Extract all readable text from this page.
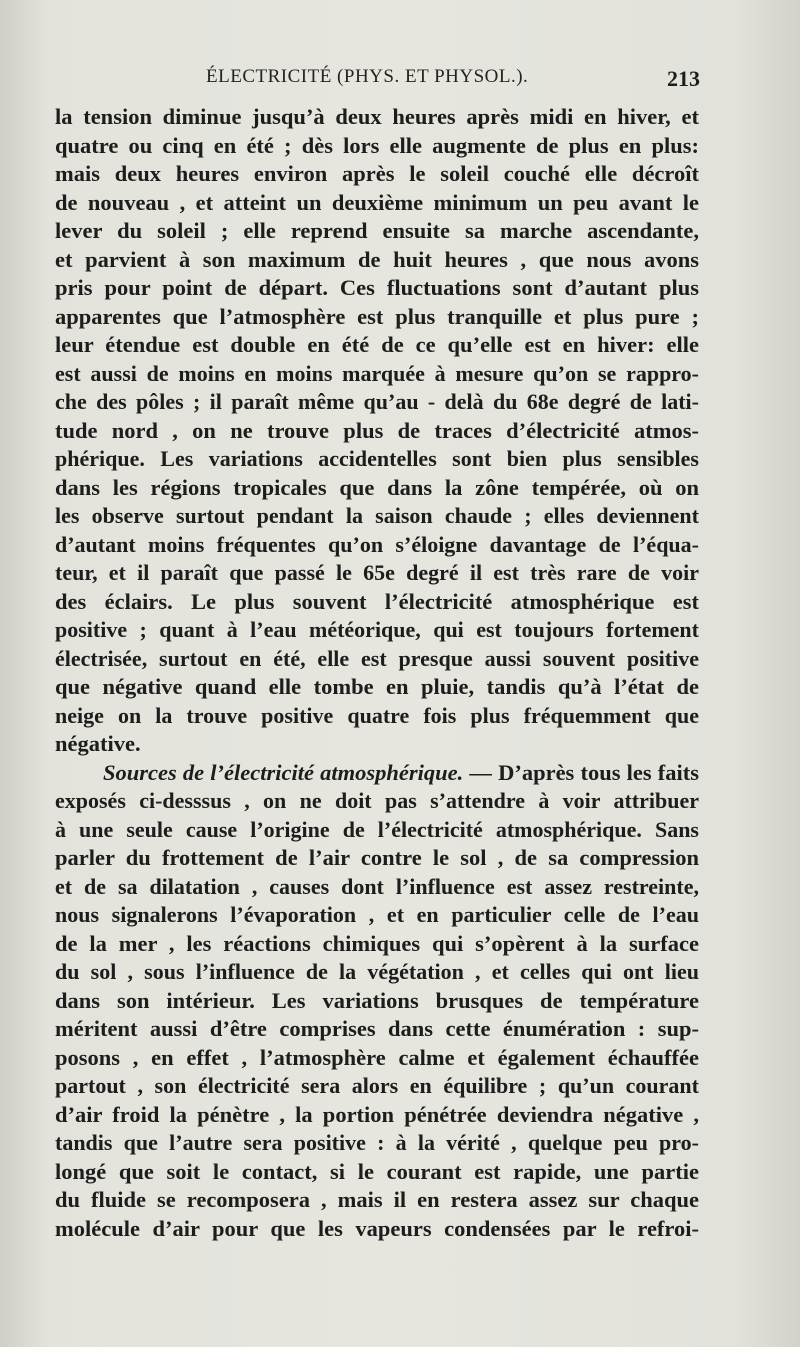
ÉLECTRICITÉ (PHYS. ET PHYSOL.).	213
la tension diminue jusqu’à deux heures après midi en hiver, et
quatre ou cinq en été ; dès lors elle augmente de plus en plus:
mais deux heures environ après le soleil couché elle décroît
de nouveau , et atteint un deuxième minimum un peu avant le
lever du soleil ; elle reprend ensuite sa marche ascendante,
et parvient à son maximum de huit heures , que nous avons
pris pour point de départ. Ces fluctuations sont d’autant plus
apparentes que l’atmosphère est plus tranquille et plus pure ;
leur étendue est double en été de ce qu’elle est en hiver: elle
est aussi de moins en moins marquée à mesure qu’on se rappro-
che des pôles ; il paraît même qu’au - delà du 68e degré de lati-
tude nord , on ne trouve plus de traces d’électricité atmos-
phérique. Les variations accidentelles sont bien plus sensibles
dans les régions tropicales que dans la zône tempérée, où on
les observe surtout pendant la saison chaude ; elles deviennent
d’autant moins fréquentes qu’on s’éloigne davantage de l’équa-
teur, et il paraît que passé le 65e degré il est très rare de voir
des éclairs. Le plus souvent l’électricité atmosphérique est
positive ; quant à l’eau météorique, qui est toujours fortement
électrisée, surtout en été, elle est presque aussi souvent positive
que négative quand elle tombe en pluie, tandis qu’à l’état de
neige on la trouve positive quatre fois plus fréquemment que
négative.
Sources de l’électricité atmosphérique. — D’après tous les faits
exposés ci-desssus , on ne doit pas s’attendre à voir attribuer
à une seule cause l’origine de l’électricité atmosphérique. Sans
parler du frottement de l’air contre le sol , de sa compression
et de sa dilatation , causes dont l’influence est assez restreinte,
nous signalerons l’évaporation , et en particulier celle de l’eau
de la mer , les réactions chimiques qui s’opèrent à la surface
du sol , sous l’influence de la végétation , et celles qui ont lieu
dans son intérieur. Les variations brusques de température
méritent aussi d’être comprises dans cette énumération : sup-
posons , en effet , l’atmosphère calme et également échauffée
partout , son électricité sera alors en équilibre ; qu’un courant
d’air froid la pénètre , la portion pénétrée deviendra négative ,
tandis que l’autre sera positive : à la vérité , quelque peu pro-
longé que soit le contact, si le courant est rapide, une partie
du fluide se recomposera , mais il en restera assez sur chaque
molécule d’air pour que les vapeurs condensées par le refroi-
